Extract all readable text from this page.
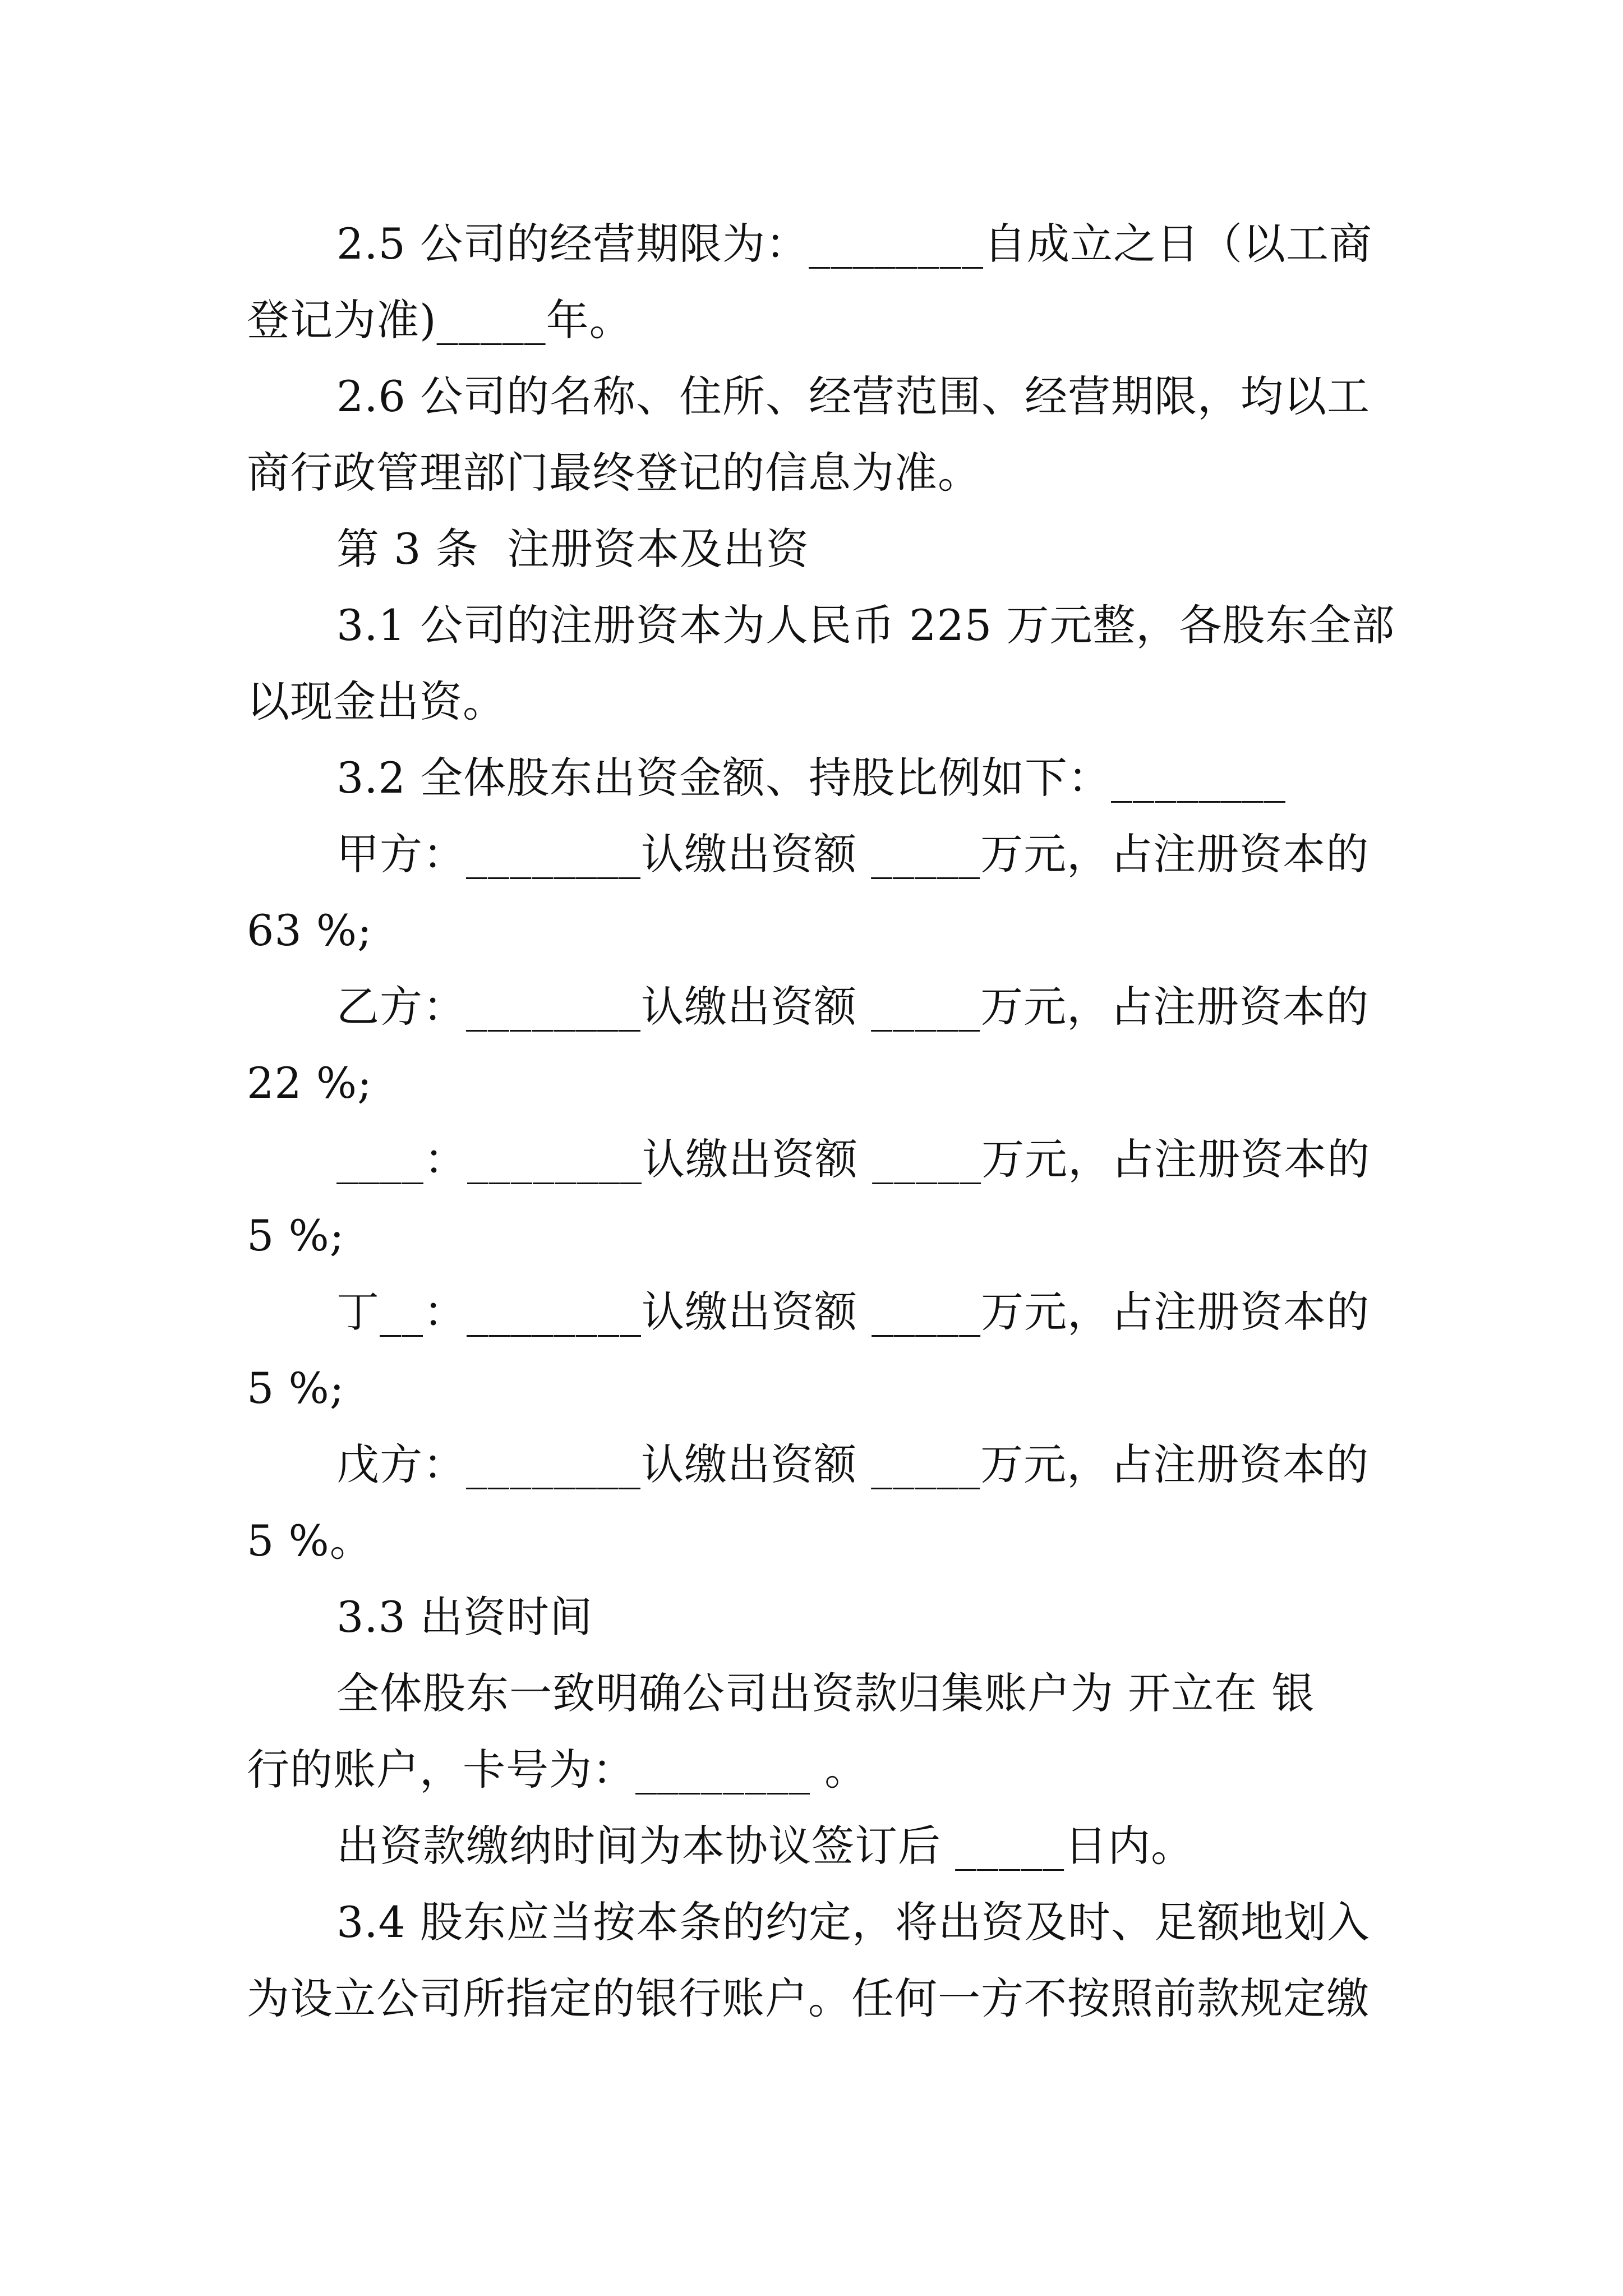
2.5 公司的经营期限为：________自成立之日（以工商
登记为准)_____年。
2.6 公司的名称、住所、经营范围、经营期限，均以工
商行政管理部门最终登记的信息为准。
第 3 条  注册资本及出资
3.1 公司的注册资本为人民币 225 万元整，各股东全部
以现金出资。
3.2 全体股东出资金额、持股比例如下：________
甲方：________认缴出资额 _____万元，占注册资本的
63 %;
乙方：________认缴出资额 _____万元，占注册资本的
22 %;
____：________认缴出资额 _____万元，占注册资本的
5 %;
丁__：________认缴出资额 _____万元，占注册资本的
5 %;
戊方：________认缴出资额 _____万元，占注册资本的
5 %。
3.3 出资时间
全体股东一致明确公司出资款归集账户为 开立在 银
行的账户，卡号为：________ 。
出资款缴纳时间为本协议签订后 _____日内。
3.4 股东应当按本条的约定，将出资及时、足额地划入
为设立公司所指定的银行账户。任何一方不按照前款规定缴
